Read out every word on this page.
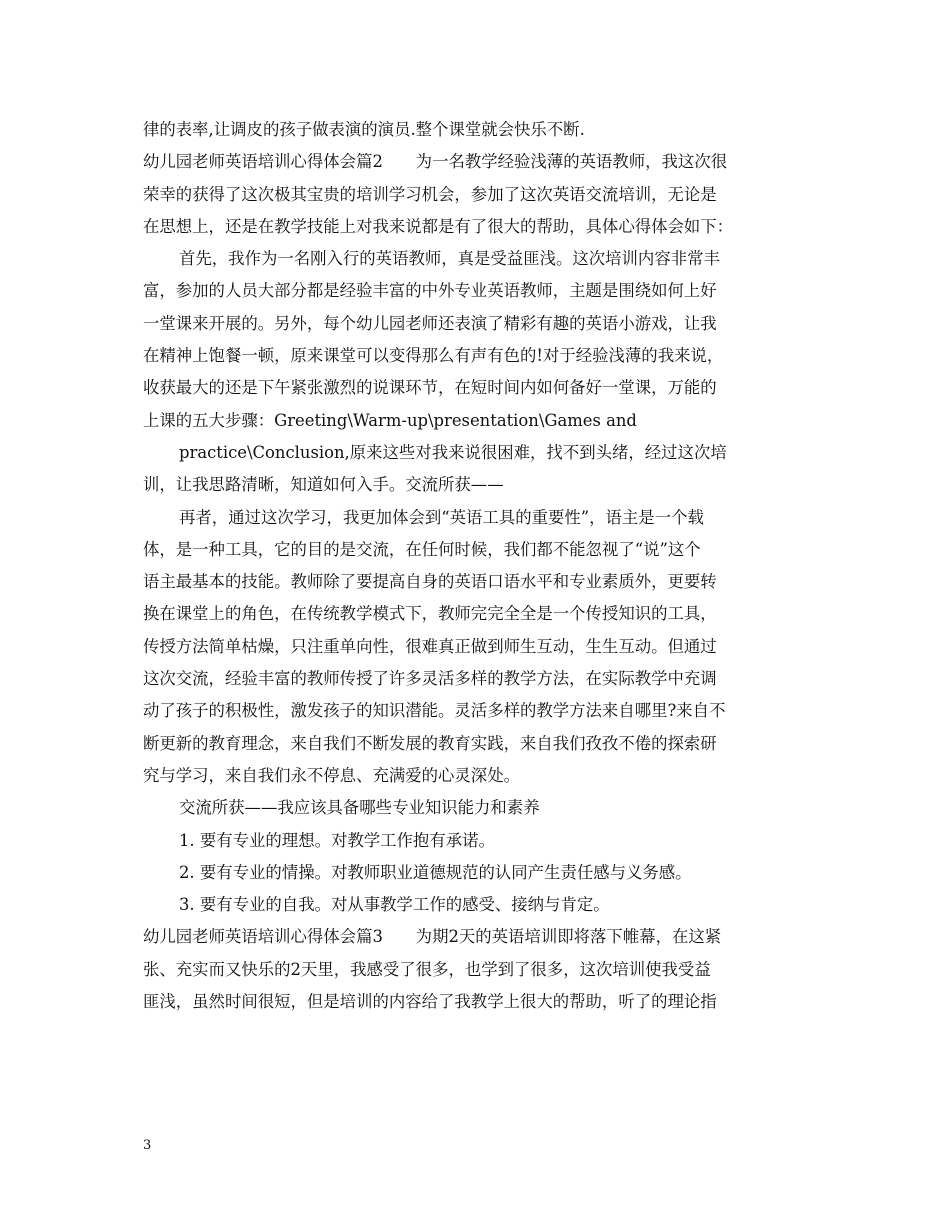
律的表率,让调皮的孩子做表演的演员.整个课堂就会快乐不断.
幼儿园老师英语培训心得体会篇2　　为一名教学经验浅薄的英语教师，我这次很
荣幸的获得了这次极其宝贵的培训学习机会，参加了这次英语交流培训，无论是
在思想上，还是在教学技能上对我来说都是有了很大的帮助，具体心得体会如下：
首先，我作为一名刚入行的英语教师，真是受益匪浅。这次培训内容非常丰
富，参加的人员大部分都是经验丰富的中外专业英语教师，主题是围绕如何上好
一堂课来开展的。另外，每个幼儿园老师还表演了精彩有趣的英语小游戏，让我
在精神上饱餐一顿，原来课堂可以变得那么有声有色的!对于经验浅薄的我来说，
收获最大的还是下午紧张激烈的说课环节，在短时间内如何备好一堂课，万能的
上课的五大步骤：Greeting\Warm-up\presentation\Games and
practice\Conclusion,原来这些对我来说很困难，找不到头绪，经过这次培
训，让我思路清晰，知道如何入手。交流所获——
再者，通过这次学习，我更加体会到“英语工具的重要性”，语主是一个载
体，是一种工具，它的目的是交流，在任何时候，我们都不能忽视了“说”这个
语主最基本的技能。教师除了要提高自身的英语口语水平和专业素质外，更要转
换在课堂上的角色，在传统教学模式下，教师完完全全是一个传授知识的工具，
传授方法简单枯燥，只注重单向性，很难真正做到师生互动，生生互动。但通过
这次交流，经验丰富的教师传授了许多灵活多样的教学方法，在实际教学中充调
动了孩子的积极性，激发孩子的知识潜能。灵活多样的教学方法来自哪里?来自不
断更新的教育理念，来自我们不断发展的教育实践，来自我们孜孜不倦的探索研
究与学习，来自我们永不停息、充满爱的心灵深处。
交流所获——我应该具备哪些专业知识能力和素养
1. 要有专业的理想。对教学工作抱有承诺。
2. 要有专业的情操。对教师职业道德规范的认同产生责任感与义务感。
3. 要有专业的自我。对从事教学工作的感受、接纳与肯定。
幼儿园老师英语培训心得体会篇3　　为期2天的英语培训即将落下帷幕，在这紧
张、充实而又快乐的2天里，我感受了很多，也学到了很多，这次培训使我受益
匪浅，虽然时间很短，但是培训的内容给了我教学上很大的帮助，听了的理论指
3
